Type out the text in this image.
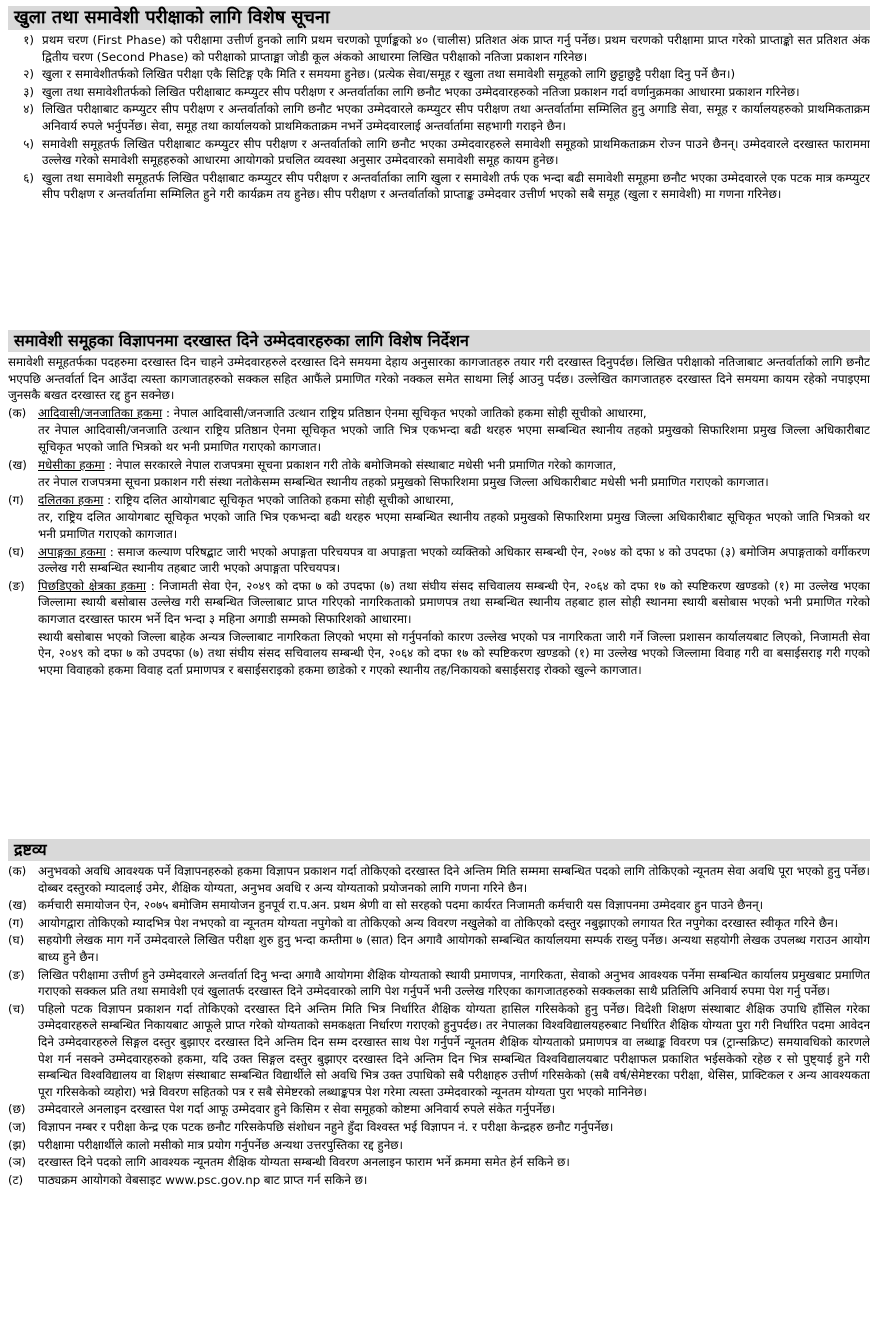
खुला तथा समावेशी परीक्षाको लागि विशेष सूचना
१) प्रथम चरण (First Phase) को परीक्षामा उत्तीर्ण हुनको लागि प्रथम चरणको पूर्णाङ्कको ४० (चालीस) प्रतिशत अंक प्राप्त गर्नु पर्नेछ। प्रथम चरणको परीक्षामा प्राप्त गरेको प्राप्ताङ्को सत प्रतिशत अंक द्वितीय चरण (Second Phase) को परीक्षाको प्राप्ताङ्मा जोडी कूल अंकको आधारमा लिखित परीक्षाको नतिजा प्रकाशन गरिनेछ।
२) खुला र समावेशीतर्फको लिखित परीक्षा एकै सिटिङ्ग एकै मिति र समयमा हुनेछ। (प्रत्येक सेवा/समूह र खुला तथा समावेशी समूहको लागि छुट्टाछुट्टै परीक्षा दिनु पर्ने छैन।)
३) खुला तथा समावेशीतर्फको लिखित परीक्षाबाट कम्प्युटर सीप परीक्षण र अन्तर्वार्ताका लागि छनौट भएका उम्मेदवारहरुको नतिजा प्रकाशन गर्दा वर्णानुक्रमका आधारमा प्रकाशन गरिनेछ।
४) लिखित परीक्षाबाट कम्प्युटर सीप परीक्षण र अन्तर्वार्ताको लागि छनौट भएका उम्मेदवारले कम्प्युटर सीप परीक्षण तथा अन्तर्वार्तामा सम्मिलित हुनु अगाडि सेवा, समूह र कार्यालयहरुको प्राथमिकताक्रम अनिवार्य रुपले भर्नुपर्नेछ। सेवा, समूह तथा कार्यालयको प्राथमिकताक्रम नभर्ने उम्मेदवारलाई अन्तर्वार्तामा सहभागी गराइने छैन।
५) समावेशी समूहतर्फ लिखित परीक्षाबाट कम्प्युटर सीप परीक्षण र अन्तर्वार्ताको लागि छनौट भएका उम्मेदवारहरुले समावेशी समूहको प्राथमिकताक्रम रोज्न पाउने छैनन्। उम्मेदवारले दरखास्त फाराममा उल्लेख गरेको समावेशी समूहहरुको आधारमा आयोगको प्रचलित व्यवस्था अनुसार उम्मेदवारको समावेशी समूह कायम हुनेछ।
६) खुला तथा समावेशी समूहतर्फ लिखित परीक्षाबाट कम्प्युटर सीप परीक्षण र अन्तर्वार्ताका लागि खुला र समावेशी तर्फ एक भन्दा बढी समावेशी समूहमा छनौट भएका उम्मेदवारले एक पटक मात्र कम्प्युटर सीप परीक्षण र अन्तर्वार्तामा सम्मिलित हुने गरी कार्यक्रम तय हुनेछ। सीप परीक्षण र अन्तर्वार्ताको प्राप्ताङ्क उम्मेदवार उत्तीर्ण भएको सबै समूह (खुला र समावेशी) मा गणना गरिनेछ।
समावेशी समूहका विज्ञापनमा दरखास्त दिने उम्मेदवारहरुका लागि विशेष निर्देशन
समावेशी समूहतर्फका पदहरुमा दरखास्त दिन चाहने उम्मेदवारहरुले दरखास्त दिने समयमा देहाय अनुसारका कागजातहरु तयार गरी दरखास्त दिनुपर्दछ। लिखित परीक्षाको नतिजाबाट अन्तर्वार्ताको लागि छनौट भएपछि अन्तर्वार्ता दिन आउँदा त्यस्ता कागजातहरुको सक्कल सहित आफैंले प्रमाणित गरेको नक्कल समेत साथमा लिई आउनु पर्दछ। उल्लेखित कागजातहरु दरखास्त दिने समयमा कायम रहेको नपाइएमा जुनसकै बखत दरखास्त रद्द हुन सक्नेछ।
(क) आदिवासी/जनजातिका हकमा : नेपाल आदिवासी/जनजाति उत्थान राष्ट्रिय प्रतिष्ठान ऐनमा सूचिकृत भएको जातिको हकमा सोही सूचीको आधारमा,
तर नेपाल आदिवासी/जनजाति उत्थान राष्ट्रिय प्रतिष्ठान ऐनमा सूचिकृत भएको जाति भित्र एकभन्दा बढी थरहरु भएमा सम्बन्धित स्थानीय तहको प्रमुखको सिफारिशमा प्रमुख जिल्ला अधिकारीबाट सूचिकृत भएको जाति भित्रको थर भनी प्रमाणित गराएको कागजात।
(ख) मधेसीका हकमा : नेपाल सरकारले नेपाल राजपत्रमा सूचना प्रकाशन गरी तोके बमोजिमको संस्थाबाट मधेसी भनी प्रमाणित गरेको कागजात,
तर नेपाल राजपत्रमा सूचना प्रकाशन गरी संस्था नतोकेसम्म सम्बन्धित स्थानीय तहको प्रमुखको सिफारिशमा प्रमुख जिल्ला अधिकारीबाट मधेसी भनी प्रमाणित गराएको कागजात।
(ग)	दलितका हकमा : राष्ट्रिय दलित आयोगबाट सूचिकृत भएको जातिको हकमा सोही सूचीको आधारमा,
तर, राष्ट्रिय दलित आयोगबाट सूचिकृत भएको जाति भित्र एकभन्दा बढी थरहरु भएमा सम्बन्धित स्थानीय तहको प्रमुखको सिफारिशमा प्रमुख जिल्ला अधिकारीबाट सूचिकृत भएको जाति भित्रको थर भनी प्रमाणित गराएको कागजात।
(घ)	अपाङ्गका हकमा : समाज कल्याण परिषद्बाट जारी भएको अपाङ्गता परिचयपत्र वा अपाङ्गता भएको व्यक्तिको अधिकार सम्बन्धी ऐन, २०७४ को दफा ४ को उपदफा (३) बमोजिम अपाङ्गताको वर्गीकरण उल्लेख गरी सम्बन्धित स्थानीय तहबाट जारी भएको अपाङ्गता परिचयपत्र।
(ङ)	पिछडिएको क्षेत्रका हकमा : निजामती सेवा ऐन, २०४९ को दफा ७ को उपदफा (७) तथा संघीय संसद सचिवालय सम्बन्धी ऐन, २०६४ को दफा १७ को स्पष्टिकरण खण्डको (१) मा उल्लेख भएका जिल्लामा स्थायी बसोबास उल्लेख गरी सम्बन्धित जिल्लाबाट प्राप्त गरिएको नागरिकताको प्रमाणपत्र तथा सम्बन्धित स्थानीय तहबाट हाल सोही स्थानमा स्थायी बसोबास भएको भनी प्रमाणित गरेको कागजात दरखास्त फारम भर्ने दिन भन्दा ३ महिना अगाडी सम्मको सिफारिशको आधारमा।
स्थायी बसोबास भएको जिल्ला बाहेक अन्यत्र जिल्लाबाट नागरिकता लिएको भएमा सो गर्नुपर्नाको कारण उल्लेख भएको पत्र नागरिकता जारी गर्ने जिल्ला प्रशासन कार्यालयबाट लिएको, निजामती सेवा ऐन, २०४९ को दफा ७ को उपदफा (७) तथा संघीय संसद सचिवालय सम्बन्धी ऐन, २०६४ को दफा १७ को स्पष्टिकरण खण्डको (१) मा उल्लेख भएको जिल्लामा विवाह गरी वा बसाईसराइ गरी गएको भएमा विवाहको हकमा विवाह दर्ता प्रमाणपत्र र बसाईसराइको हकमा छाडेको र गएको स्थानीय तह/निकायको बसाईसराइ रोक्को खुल्ने कागजात।
द्रष्टव्य
(क) अनुभवको अवधि आवश्यक पर्ने विज्ञापनहरुको हकमा विज्ञापन प्रकाशन गर्दा तोकिएको दरखास्त दिने अन्तिम मिति सम्ममा सम्बन्धित पदको लागि तोकिएको न्यूनतम सेवा अवधि पूरा भएको हुनु पर्नेछ। दोब्बर दस्तुरको म्यादलाई उमेर, शैक्षिक योग्यता, अनुभव अवधि र अन्य योग्यताको प्रयोजनको लागि गणना गरिने छैन।
(ख) कर्मचारी समायोजन ऐन, २०७५ बमोजिम समायोजन हुनपूर्व रा.प.अन. प्रथम श्रेणी वा सो सरहको पदमा कार्यरत निजामती कर्मचारी यस विज्ञापनमा उम्मेदवार हुन पाउने छैनन्।
(ग)	आयोगद्वारा तोकिएको म्यादभित्र पेश नभएको वा न्यूनतम योग्यता नपुगेको वा तोकिएको अन्य विवरण नखुलेको वा तोकिएको दस्तुर नबुझाएको लगायत रित नपुगेका दरखास्त स्वीकृत गरिने छैन।
(घ)	सहयोगी लेखक माग गर्ने उम्मेदवारले लिखित परीक्षा शुरु हुनु भन्दा कम्तीमा ७ (सात) दिन अगावै आयोगको सम्बन्धित कार्यालयमा सम्पर्क राख्नु पर्नेछ। अन्यथा सहयोगी लेखक उपलब्ध गराउन आयोग बाध्य हुने छैन।
(ङ)	लिखित परीक्षामा उत्तीर्ण हुने उम्मेदवारले अन्तर्वार्ता दिनु भन्दा अगावै आयोगमा शैक्षिक योग्यताको स्थायी प्रमाणपत्र, नागरिकता, सेवाको अनुभव आवश्यक पर्नेमा सम्बन्धित कार्यालय प्रमुखबाट प्रमाणित गराएको सक्कल प्रति तथा समावेशी एवं खुलातर्फ दरखास्त दिने उम्मेदवारको लागि पेश गर्नुपर्ने भनी उल्लेख गरिएका कागजातहरुको सक्कलका साथै प्रतिलिपि अनिवार्य रुपमा पेश गर्नु पर्नेछ।
(च)	पहिलो पटक विज्ञापन प्रकाशन गर्दा तोकिएको दरखास्त दिने अन्तिम मिति भित्र निर्धारित शैक्षिक योग्यता हासिल गरिसकेको हुनु पर्नेछ। विदेशी शिक्षण संस्थाबाट शैक्षिक उपाधि हाँसिल गरेका उम्मेदवारहरुले सम्बन्धित निकायबाट आफूले प्राप्त गरेको योग्यताको समकक्षता निर्धारण गराएको हुनुपर्दछ। तर नेपालका विश्वविद्यालयहरुबाट निर्धारित शैक्षिक योग्यता पुरा गरी निर्धारित पदमा आवेदन दिने उम्मेदवारहरुले सिङ्गल दस्तुर बुझाएर दरखास्त दिने अन्तिम दिन सम्म दरखास्त साथ पेश गर्नुपर्ने न्यूनतम शैक्षिक योग्यताको प्रमाणपत्र वा लब्धाङ्क विवरण पत्र (ट्रान्सक्रिप्ट) समयावधिको कारणले पेश गर्न नसक्ने उम्मेदवारहरुको हकमा, यदि उक्त सिङ्गल दस्तुर बुझाएर दरखास्त दिने अन्तिम दिन भित्र सम्बन्धित विश्वविद्यालयबाट परीक्षाफल प्रकाशित भईसकेको रहेछ र सो पुष्ट्याई हुने गरी सम्बन्धित विश्वविद्यालय वा शिक्षण संस्थाबाट सम्बन्धित विद्यार्थीले सो अवधि भित्र उक्त उपाधिको सबै परीक्षाहरु उत्तीर्ण गरिसकेको (सबै वर्ष/सेमेष्टरका परीक्षा, थेसिस, प्राक्टिकल र अन्य आवश्यकता पूरा गरिसकेको व्यहोरा) भन्ने विवरण सहितको पत्र र सबै सेमेष्टरको लब्धाङ्कपत्र पेश गरेमा त्यस्ता उम्मेदवारको न्यूनतम योग्यता पुरा भएको मानिनेछ।
(छ)	उम्मेदवारले अनलाइन दरखास्त पेश गर्दा आफू उम्मेदवार हुने किसिम र सेवा समूहको कोष्टमा अनिवार्य रुपले संकेत गर्नुपर्नेछ।
(ज)	विज्ञापन नम्बर र परीक्षा केन्द्र एक पटक छनौट गरिसकेपछि संशोधन नहुने हुँदा विश्वस्त भई विज्ञापन नं. र परीक्षा केन्द्रहरु छनौट गर्नुपर्नेछ।
(झ)	परीक्षामा परीक्षार्थीले कालो मसीको मात्र प्रयोग गर्नुपर्नेछ अन्यथा उत्तरपुस्तिका रद्द हुनेछ।
(ञ)	दरखास्त दिने पदको लागि आवश्यक न्यूनतम शैक्षिक योग्यता सम्बन्धी विवरण अनलाइन फाराम भर्ने क्रममा समेत हेर्न सकिने छ।
(ट)	पाठ्यक्रम आयोगको वेबसाइट www.psc.gov.np बाट प्राप्त गर्न सकिने छ।
